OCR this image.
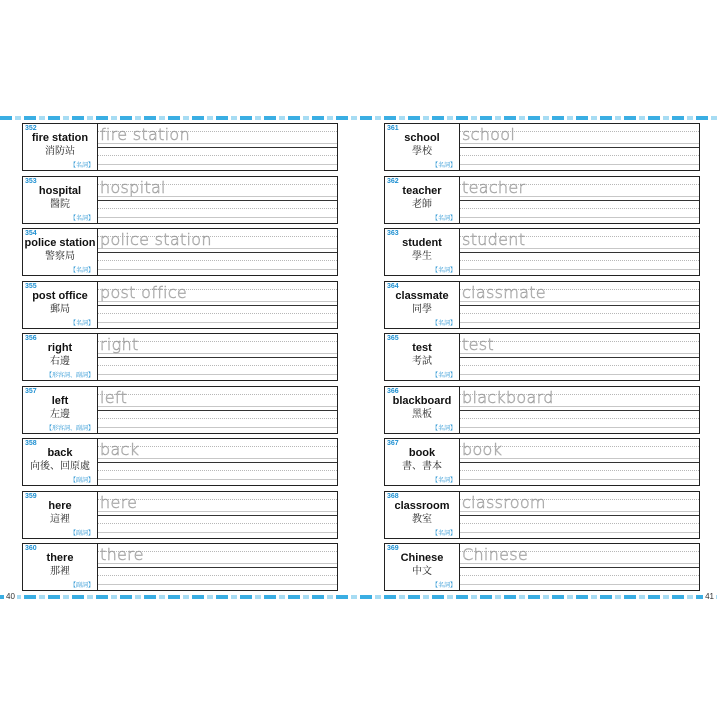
352
fire station
消防站
【名詞】
fire station
353
hospital
醫院
【名詞】
hospital
354
police station
警察局
【名詞】
police station
355
post office
郵局
【名詞】
post office
356
right
右邊
【形容詞、副詞】
right
357
left
左邊
【形容詞、副詞】
left
358
back
向後、回原處
【副詞】
back
359
here
這裡
【副詞】
here
360
there
那裡
【副詞】
there
361
school
學校
【名詞】
school
362
teacher
老師
【名詞】
teacher
363
student
學生
【名詞】
student
364
classmate
同學
【名詞】
classmate
365
test
考試
【名詞】
test
366
blackboard
黑板
【名詞】
blackboard
367
book
書、書本
【名詞】
book
368
classroom
教室
【名詞】
classroom
369
Chinese
中文
【名詞】
Chinese
40	41
